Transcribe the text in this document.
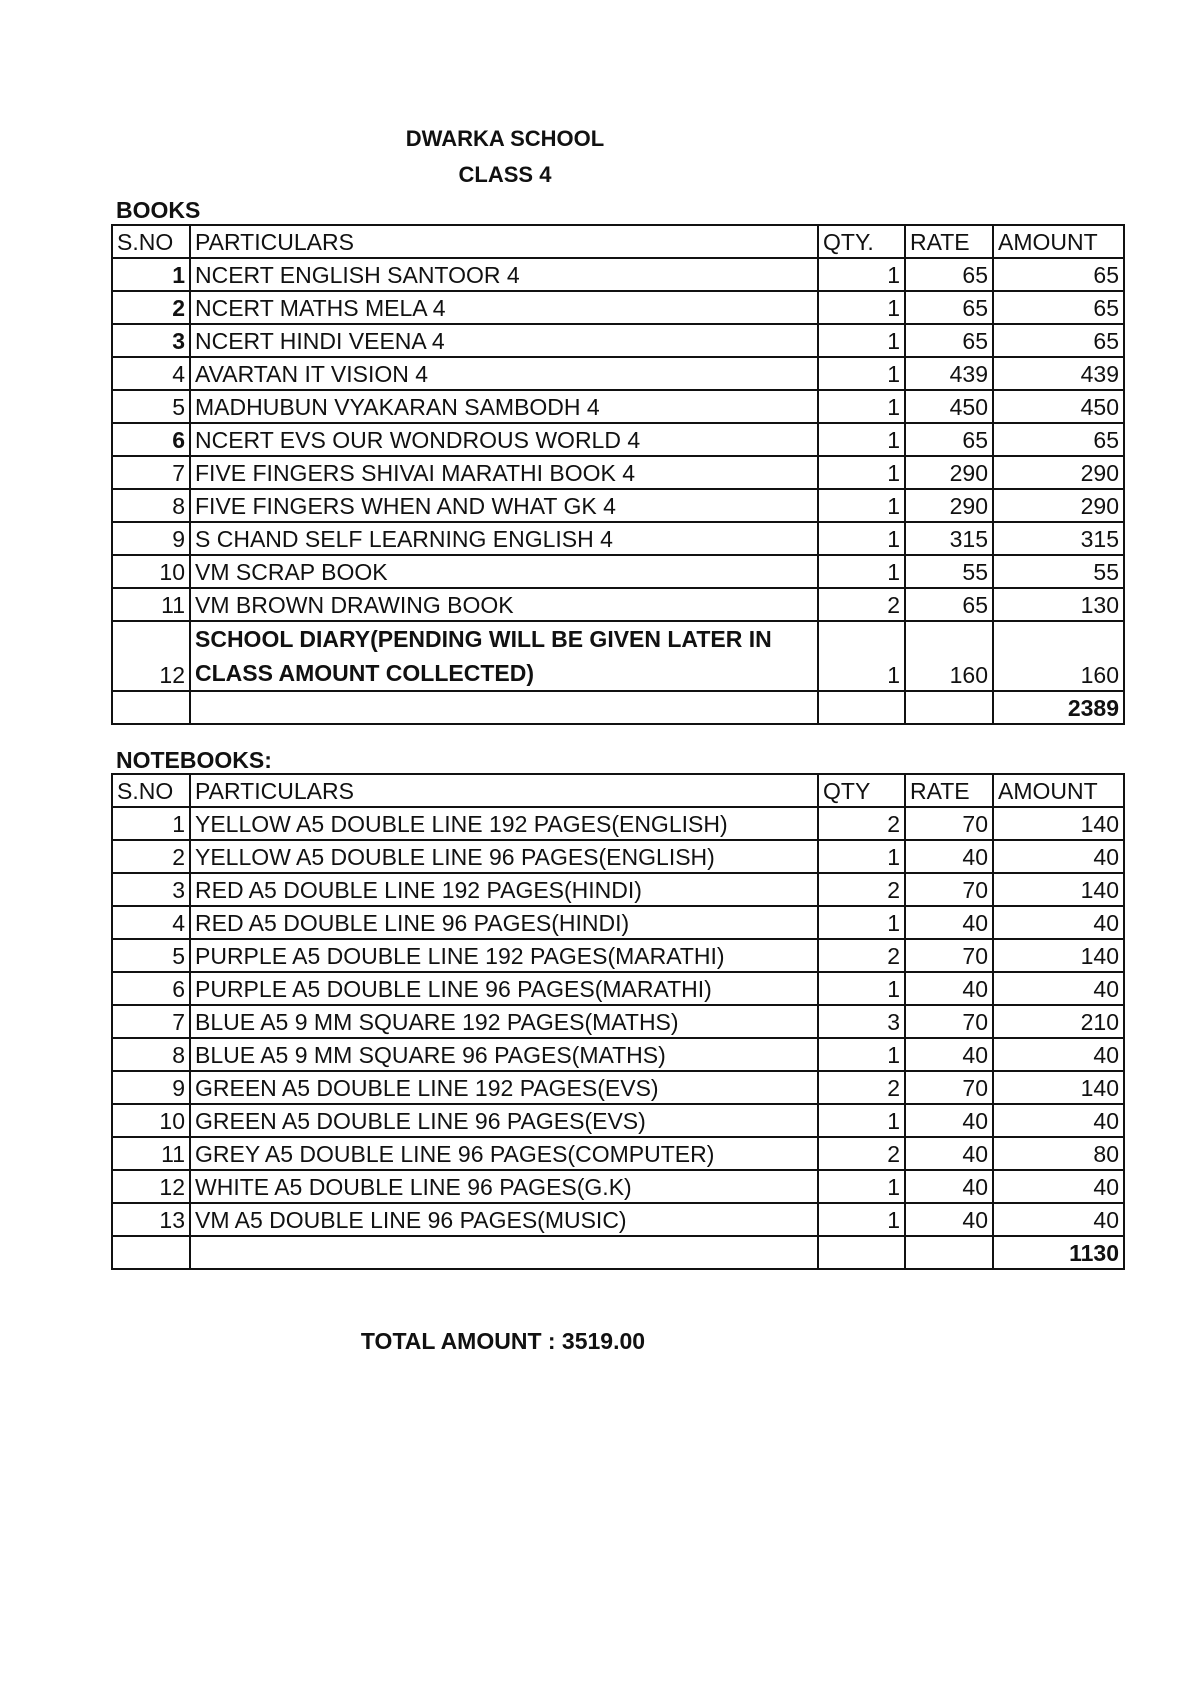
DWARKA SCHOOL
CLASS 4
BOOKS
S.NO	PARTICULARS	QTY.	RATE	AMOUNT
1	NCERT ENGLISH SANTOOR 4	1	65	65
2	NCERT MATHS MELA 4	1	65	65
3	NCERT HINDI VEENA 4	1	65	65
4	AVARTAN IT VISION 4	1	439	439
5	MADHUBUN VYAKARAN SAMBODH 4	1	450	450
6	NCERT EVS OUR WONDROUS WORLD 4	1	65	65
7	FIVE FINGERS SHIVAI MARATHI BOOK 4	1	290	290
8	FIVE FINGERS WHEN AND WHAT GK 4	1	290	290
9	S CHAND SELF LEARNING ENGLISH 4	1	315	315
10	VM SCRAP BOOK	1	55	55
11	VM BROWN DRAWING BOOK	2	65	130
12	SCHOOL DIARY(PENDING WILL BE GIVEN LATER IN CLASS AMOUNT COLLECTED)	1	160	160
				2389
NOTEBOOKS:
S.NO	PARTICULARS	QTY	RATE	AMOUNT
1	YELLOW A5 DOUBLE LINE 192 PAGES(ENGLISH)	2	70	140
2	YELLOW A5 DOUBLE LINE 96 PAGES(ENGLISH)	1	40	40
3	RED A5 DOUBLE LINE 192 PAGES(HINDI)	2	70	140
4	RED A5 DOUBLE LINE 96 PAGES(HINDI)	1	40	40
5	PURPLE A5 DOUBLE LINE 192 PAGES(MARATHI)	2	70	140
6	PURPLE A5 DOUBLE LINE 96 PAGES(MARATHI)	1	40	40
7	BLUE A5 9 MM SQUARE 192 PAGES(MATHS)	3	70	210
8	BLUE A5 9 MM SQUARE 96 PAGES(MATHS)	1	40	40
9	GREEN A5 DOUBLE LINE 192 PAGES(EVS)	2	70	140
10	GREEN A5 DOUBLE LINE 96 PAGES(EVS)	1	40	40
11	GREY A5 DOUBLE LINE 96 PAGES(COMPUTER)	2	40	80
12	WHITE A5 DOUBLE LINE 96 PAGES(G.K)	1	40	40
13	VM A5 DOUBLE LINE 96 PAGES(MUSIC)	1	40	40
				1130
TOTAL AMOUNT : 3519.00
